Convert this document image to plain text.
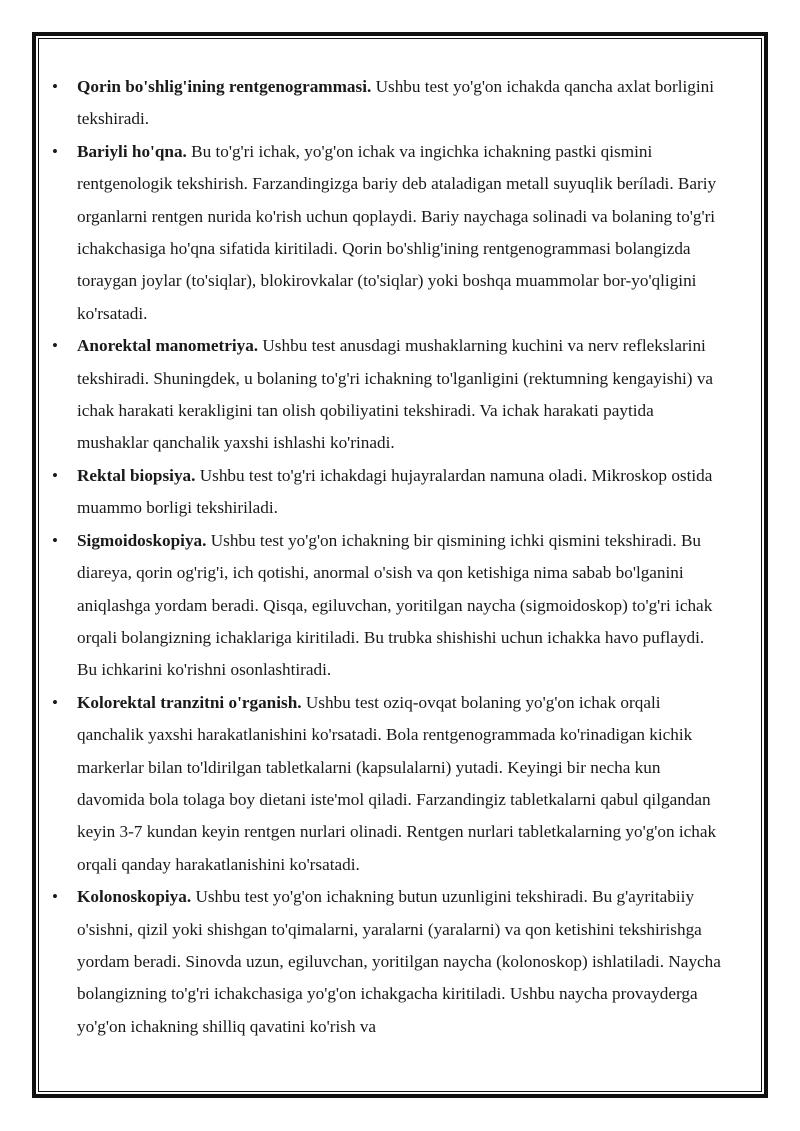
• Qorin bo'shlig'ining rentgenogrammasi. Ushbu test yo'g'on ichakda qancha axlat borligini tekshiradi.
• Bariyli ho'qna. Bu to'g'ri ichak, yo'g'on ichak va ingichka ichakning pastki qismini rentgenologik tekshirish. Farzandingizga bariy deb ataladigan metall suyuqlik beríladi. Bariy organlarni rentgen nurida ko'rish uchun qoplaydi. Bariy naychaga solinadi va bolaning to'g'ri ichakchasiga ho'qna sifatida kiritiladi. Qorin bo'shlig'ining rentgenogrammasi bolangizda toraygan joylar (to'siqlar), blokirovkalar (to'siqlar) yoki boshqa muammolar bor-yo'qligini ko'rsatadi.
• Anorektal manometriya. Ushbu test anusdagi mushaklarning kuchini va nerv reflekslarini tekshiradi. Shuningdek, u bolaning to'g'ri ichakning to'lganligini (rektumning kengayishi) va ichak harakati kerakligini tan olish qobiliyatini tekshiradi. Va ichak harakati paytida mushaklar qanchalik yaxshi ishlashi ko'rinadi.
• Rektal biopsiya. Ushbu test to'g'ri ichakdagi hujayralardan namuna oladi. Mikroskop ostida muammo borligi tekshiriladi.
• Sigmoidoskopiya. Ushbu test yo'g'on ichakning bir qismining ichki qismini tekshiradi. Bu diareya, qorin og'rig'i, ich qotishi, anormal o'sish va qon ketishiga nima sabab bo'lganini aniqlashga yordam beradi. Qisqa, egiluvchan, yoritilgan naycha (sigmoidoskop) to'g'ri ichak orqali bolangizning ichaklariga kiritiladi. Bu trubka shishishi uchun ichakka havo puflaydi. Bu ichkarini ko'rishni osonlashtiradi.
• Kolorektal tranzitni o'rganish. Ushbu test oziq-ovqat bolaning yo'g'on ichak orqali qanchalik yaxshi harakatlanishini ko'rsatadi. Bola rentgenogrammada ko'rinadigan kichik markerlar bilan to'ldirilgan tabletkalarni (kapsulalarni) yutadi. Keyingi bir necha kun davomida bola tolaga boy dietani iste'mol qiladi. Farzandingiz tabletkalarni qabul qilgandan keyin 3-7 kundan keyin rentgen nurlari olinadi. Rentgen nurlari tabletkalarning yo'g'on ichak orqali qanday harakatlanishini ko'rsatadi.
• Kolonoskopiya. Ushbu test yo'g'on ichakning butun uzunligini tekshiradi. Bu g'ayritabiiy o'sishni, qizil yoki shishgan to'qimalarni, yaralarni (yaralarni) va qon ketishini tekshirishga yordam beradi. Sinovda uzun, egiluvchan, yoritilgan naycha (kolonoskop) ishlatiladi. Naycha bolangizning to'g'ri ichakchasiga yo'g'on ichakgacha kiritiladi. Ushbu naycha provayderga yo'g'on ichakning shilliq qavatini ko'rish va
